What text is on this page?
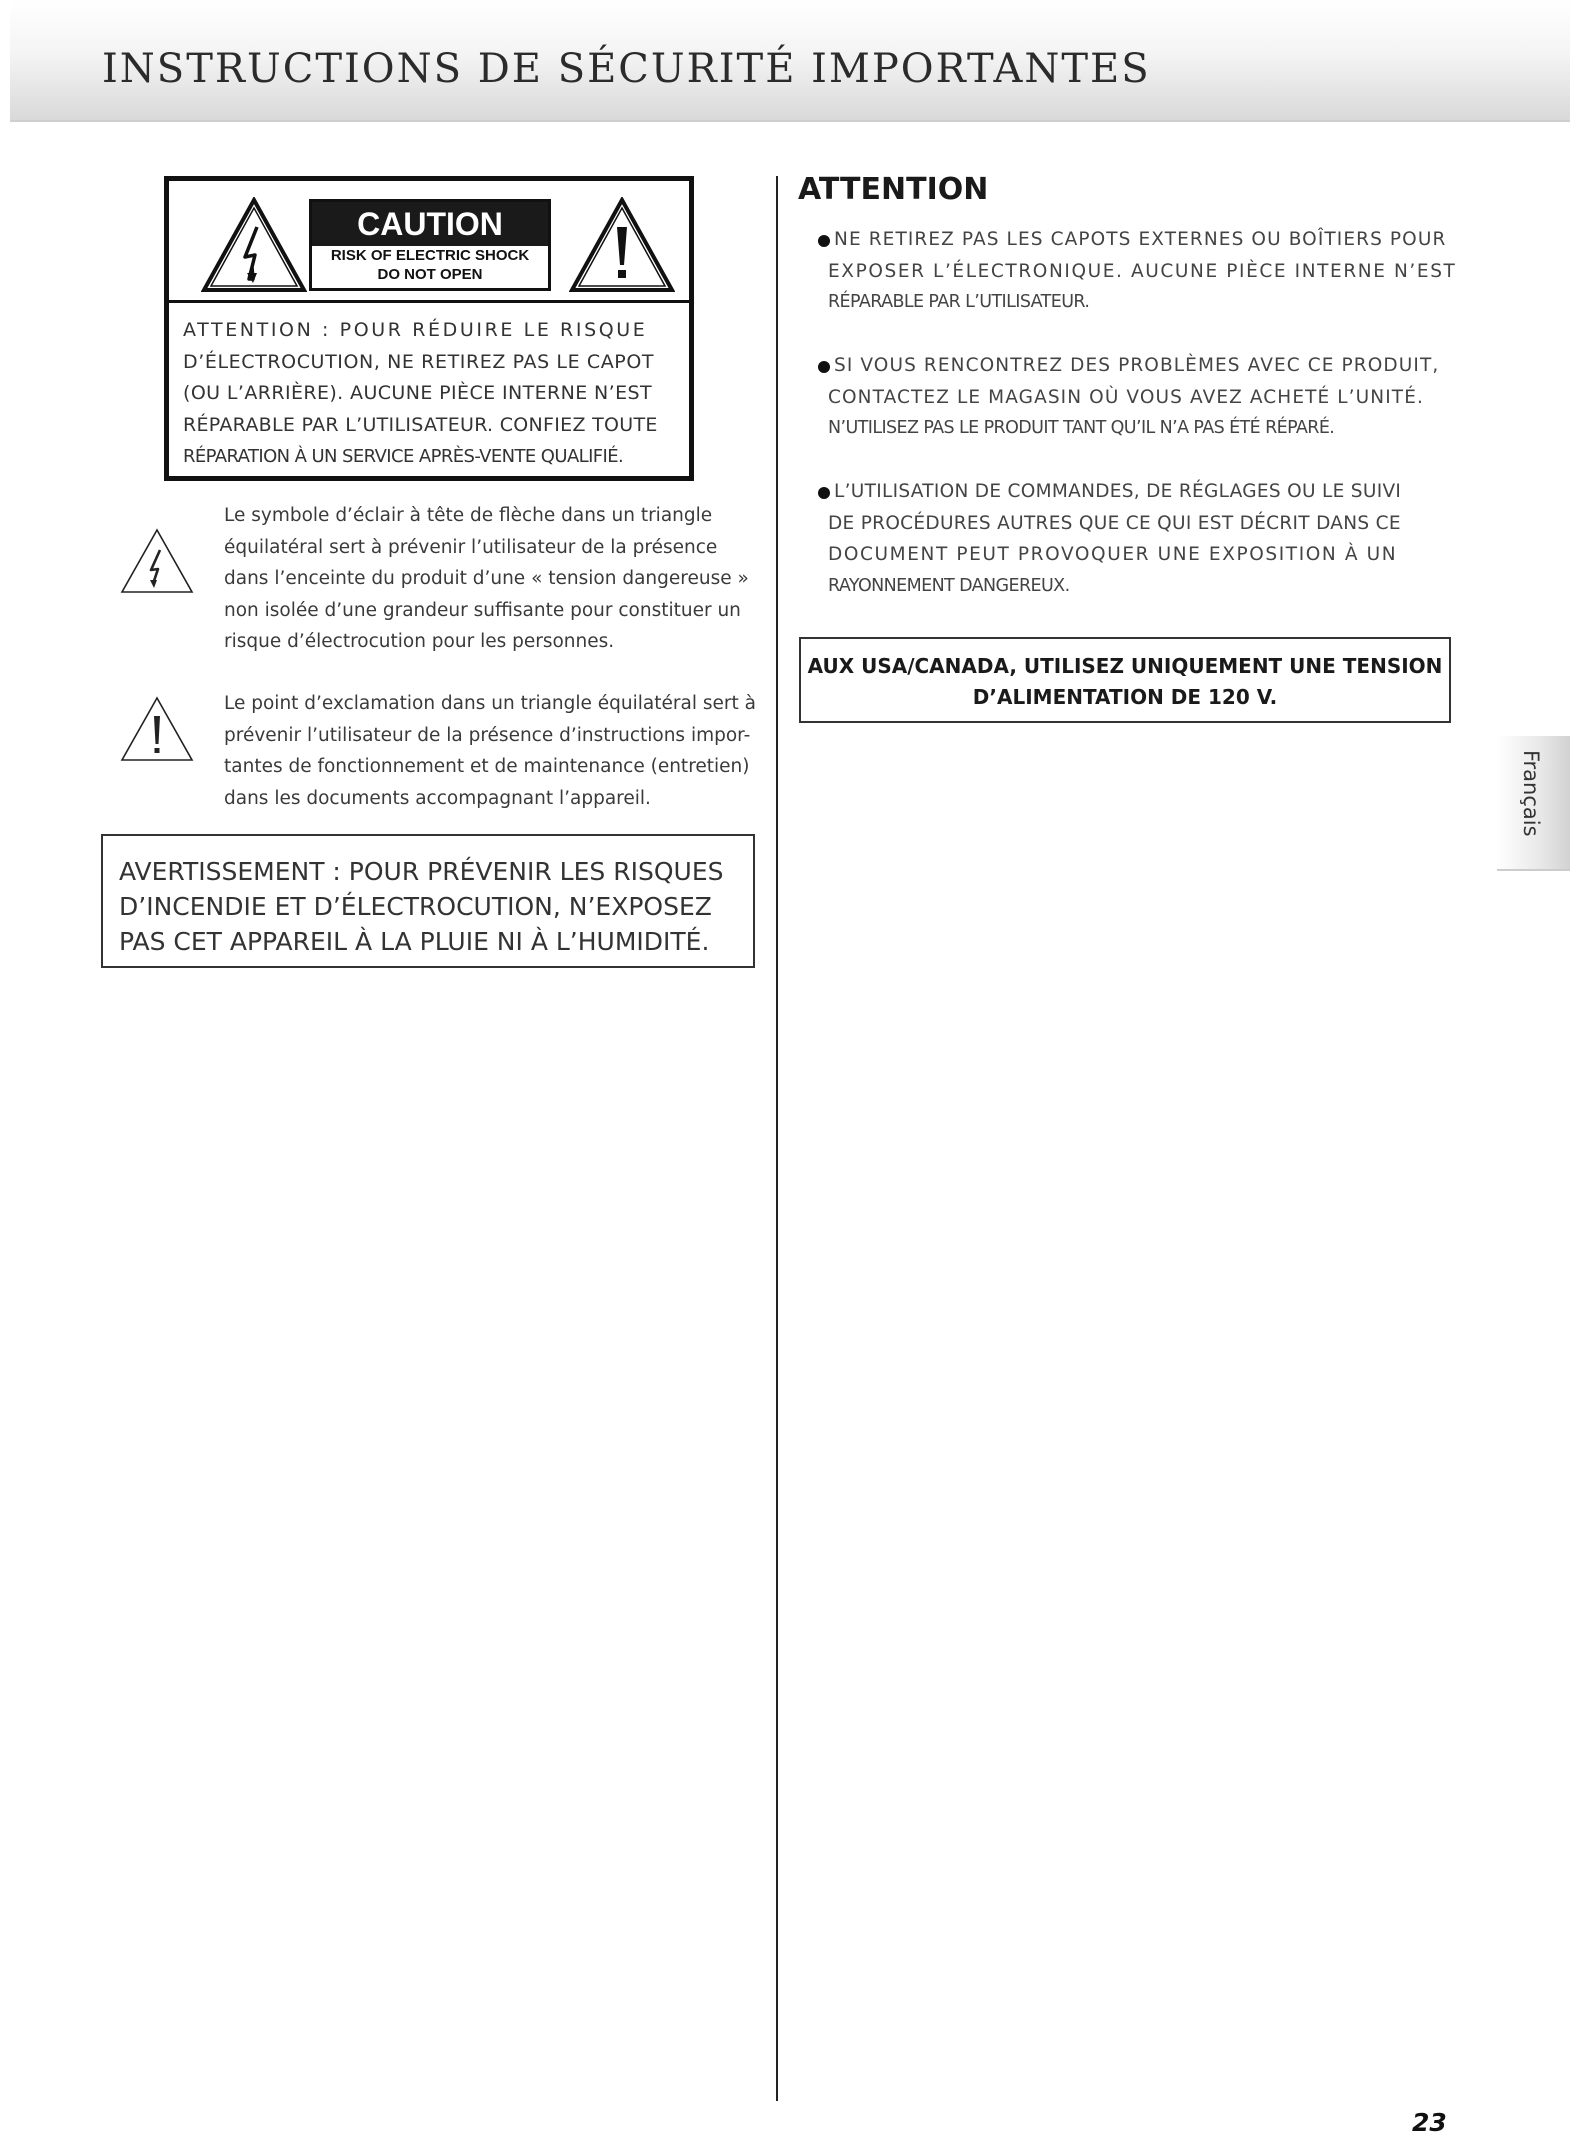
INSTRUCTIONS DE SÉCURITÉ IMPORTANTES
CAUTION
RISK OF ELECTRIC SHOCK
DO NOT OPEN
ATTENTION : POUR RÉDUIRE LE RISQUE
D’ÉLECTROCUTION, NE RETIREZ PAS LE CAPOT
(OU L’ARRIÈRE). AUCUNE PIÈCE INTERNE N’EST
RÉPARABLE PAR L’UTILISATEUR. CONFIEZ TOUTE
RÉPARATION À UN SERVICE APRÈS-VENTE QUALIFIÉ.
Le symbole d’éclair à tête de flèche dans un triangle
équilatéral sert à prévenir l’utilisateur de la présence
dans l’enceinte du produit d’une « tension dangereuse »
non isolée d’une grandeur suffisante pour constituer un
risque d’électrocution pour les personnes.
Le point d’exclamation dans un triangle équilatéral sert à
prévenir l’utilisateur de la présence d’instructions impor-
tantes de fonctionnement et de maintenance (entretien)
dans les documents accompagnant l’appareil.
AVERTISSEMENT : POUR PRÉVENIR LES RISQUES
D’INCENDIE ET D’ÉLECTROCUTION, N’EXPOSEZ
PAS CET APPAREIL À LA PLUIE NI À L’HUMIDITÉ.
ATTENTION
NE RETIREZ PAS LES CAPOTS EXTERNES OU BOÎTIERS POUR
EXPOSER L’ÉLECTRONIQUE. AUCUNE PIÈCE INTERNE N’EST
RÉPARABLE PAR L’UTILISATEUR.
SI VOUS RENCONTREZ DES PROBLÈMES AVEC CE PRODUIT,
CONTACTEZ LE MAGASIN OÙ VOUS AVEZ ACHETÉ L’UNITÉ.
N’UTILISEZ PAS LE PRODUIT TANT QU’IL N’A PAS ÉTÉ RÉPARÉ.
L’UTILISATION DE COMMANDES, DE RÉGLAGES OU LE SUIVI
DE PROCÉDURES AUTRES QUE CE QUI EST DÉCRIT DANS CE
DOCUMENT PEUT PROVOQUER UNE EXPOSITION À UN
RAYONNEMENT DANGEREUX.
AUX USA/CANADA, UTILISEZ UNIQUEMENT UNE TENSION
D’ALIMENTATION DE 120 V.
Français
23
